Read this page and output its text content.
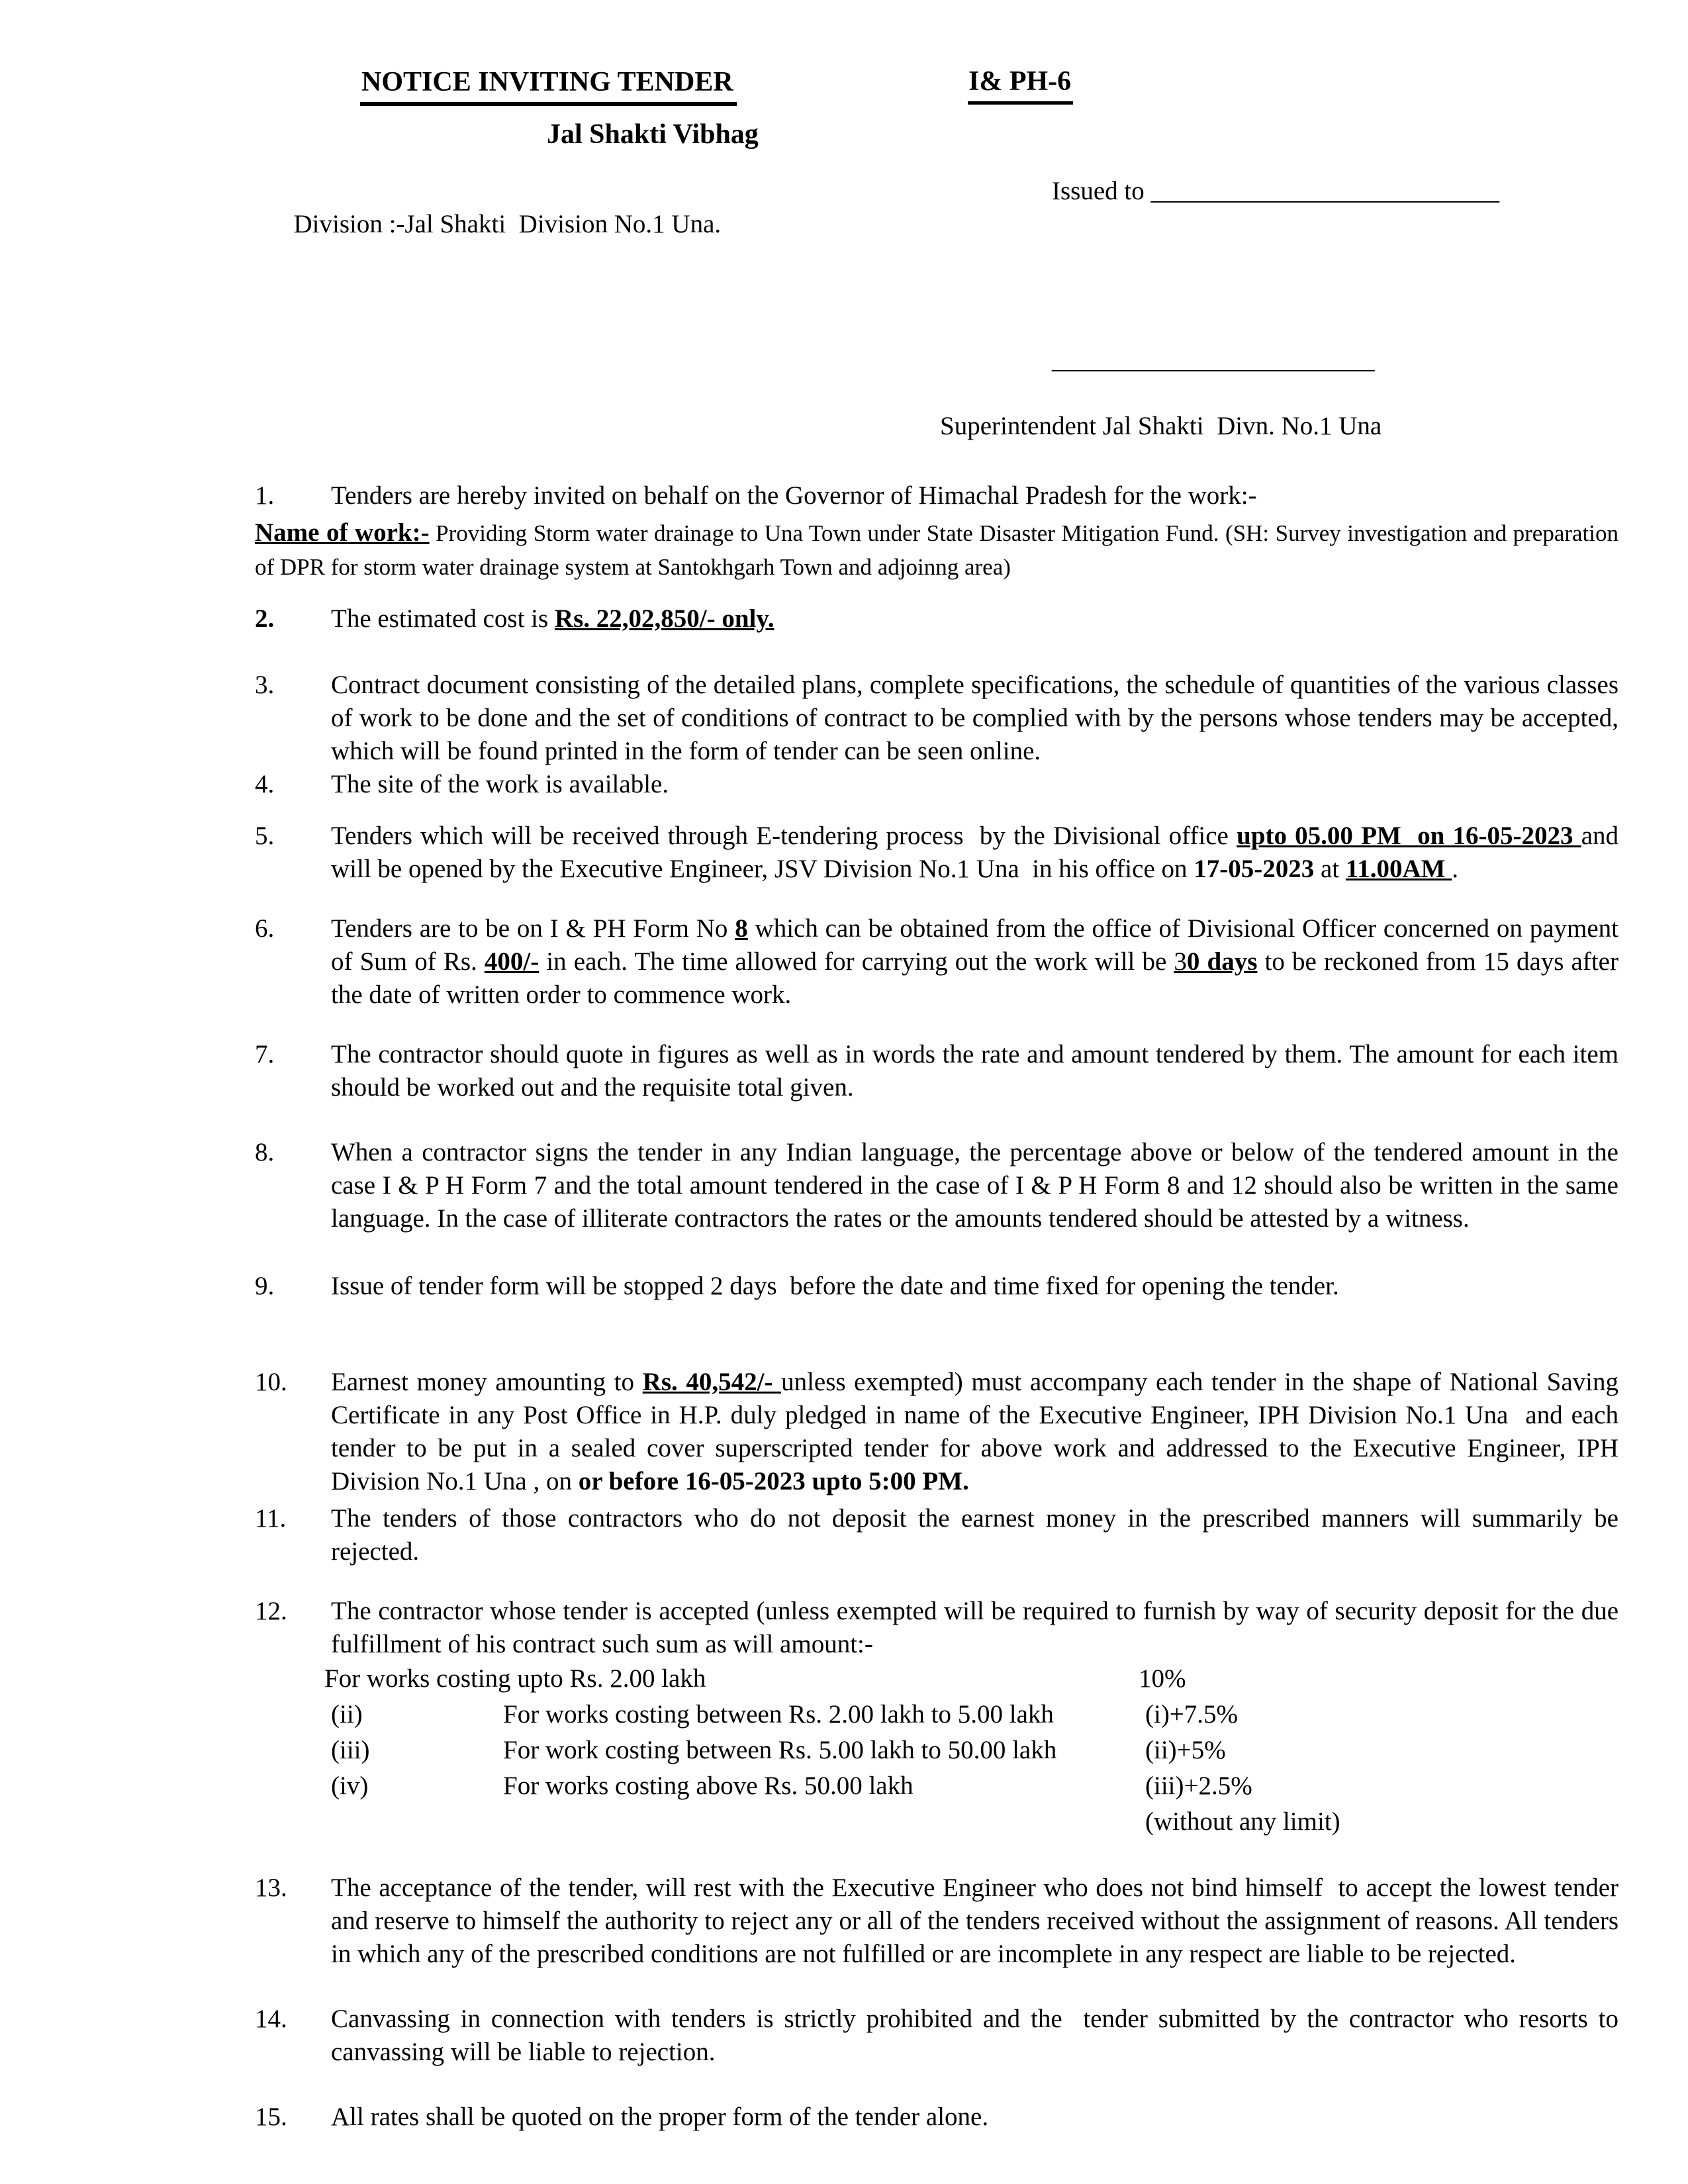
NOTICE INVITING TENDER	I& PH-6
Jal Shakti Vibhag

Division :-Jal Shakti  Division No.1 Una.

Issued to ___________________________

_________________________
Superintendent Jal Shakti  Divn. No.1 Una
1.	Tenders are hereby invited on behalf on the Governor of Himachal Pradesh for the work:-
Name of work:- Providing Storm water drainage to Una Town under State Disaster Mitigation Fund. (SH: Survey investigation and preparation of DPR for storm water drainage system at Santokhgarh Town and adjoinng area)
2.	The estimated cost is Rs. 22,02,850/- only.
3.	Contract document consisting of the detailed plans, complete specifications, the schedule of quantities of the various classes of work to be done and the set of conditions of contract to be complied with by the persons whose tenders may be accepted, which will be found printed in the form of tender can be seen online.
4.	The site of the work is available.
5.	Tenders which will be received through E-tendering process  by the Divisional office upto 05.00 PM  on 16-05-2023 and will be opened by the Executive Engineer, JSV Division No.1 Una  in his office on 17-05-2023 at 11.00AM .
6.	Tenders are to be on I & PH Form No 8 which can be obtained from the office of Divisional Officer concerned on payment of Sum of Rs. 400/- in each. The time allowed for carrying out the work will be 30 days to be reckoned from 15 days after the date of written order to commence work.
7.	The contractor should quote in figures as well as in words the rate and amount tendered by them. The amount for each item should be worked out and the requisite total given.
8.	When a contractor signs the tender in any Indian language, the percentage above or below of the tendered amount in the case I & P H Form 7 and the total amount tendered in the case of I & P H Form 8 and 12 should also be written in the same language. In the case of illiterate contractors the rates or the amounts tendered should be attested by a witness.
9.	Issue of tender form will be stopped 2 days  before the date and time fixed for opening the tender.
10.	Earnest money amounting to Rs. 40,542/- unless exempted) must accompany each tender in the shape of National Saving Certificate in any Post Office in H.P. duly pledged in name of the Executive Engineer, IPH Division No.1 Una  and each tender to be put in a sealed cover superscripted tender for above work and addressed to the Executive Engineer, IPH Division No.1 Una , on or before 16-05-2023 upto 5:00 PM.
11.	The tenders of those contractors who do not deposit the earnest money in the prescribed manners will summarily be rejected.
12.	The contractor whose tender is accepted (unless exempted will be required to furnish by way of security deposit for the due fulfillment of his contract such sum as will amount:-
For works costing upto Rs. 2.00 lakh	10%
(ii)	For works costing between Rs. 2.00 lakh to 5.00 lakh	(i)+7.5%
(iii)	For work costing between Rs. 5.00 lakh to 50.00 lakh	(ii)+5%
(iv)	For works costing above Rs. 50.00 lakh	(iii)+2.5%
(without any limit)
13.	The acceptance of the tender, will rest with the Executive Engineer who does not bind himself  to accept the lowest tender and reserve to himself the authority to reject any or all of the tenders received without the assignment of reasons. All tenders in which any of the prescribed conditions are not fulfilled or are incomplete in any respect are liable to be rejected.
14.	Canvassing in connection with tenders is strictly prohibited and the  tender submitted by the contractor who resorts to canvassing will be liable to rejection.
15.	All rates shall be quoted on the proper form of the tender alone.
